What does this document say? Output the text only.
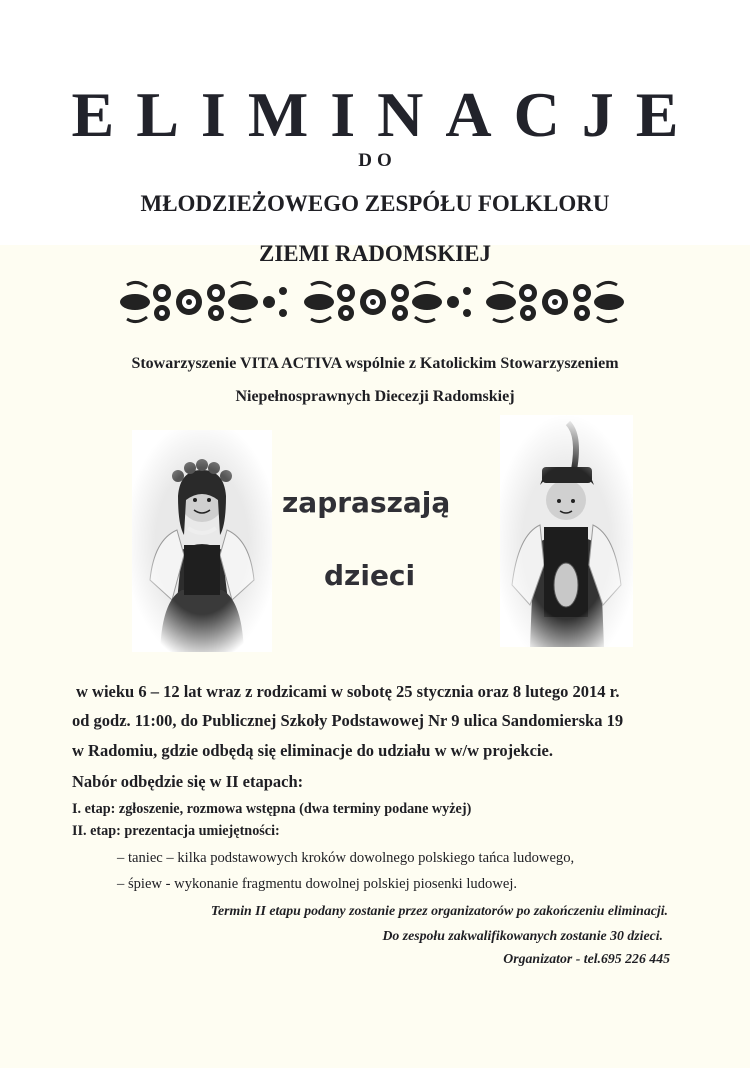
ELIMINACJE
DO
MŁODZIEŻOWEGO ZESPÓŁU FOLKLORU
ZIEMI RADOMSKIEJ
Stowarzyszenie VITA ACTIVA wspólnie z Katolickim Stowarzyszeniem
Niepełnosprawnych Diecezji Radomskiej
zapraszają
dzieci
w wieku 6 – 12 lat wraz z rodzicami w sobotę 25 stycznia oraz 8 lutego 2014 r.
od godz. 11:00, do Publicznej Szkoły Podstawowej Nr 9 ulica Sandomierska 19
w Radomiu, gdzie odbędą się eliminacje do udziału w w/w projekcie.
Nabór odbędzie się w II etapach:
I. etap: zgłoszenie, rozmowa wstępna (dwa terminy podane wyżej)
II. etap: prezentacja umiejętności:
– taniec – kilka podstawowych kroków dowolnego polskiego tańca ludowego,
– śpiew - wykonanie fragmentu dowolnej polskiej piosenki ludowej.
Termin II etapu podany zostanie przez organizatorów po zakończeniu eliminacji.
Do zespołu zakwalifikowanych zostanie 30 dzieci.
Organizator - tel.695 226 445
